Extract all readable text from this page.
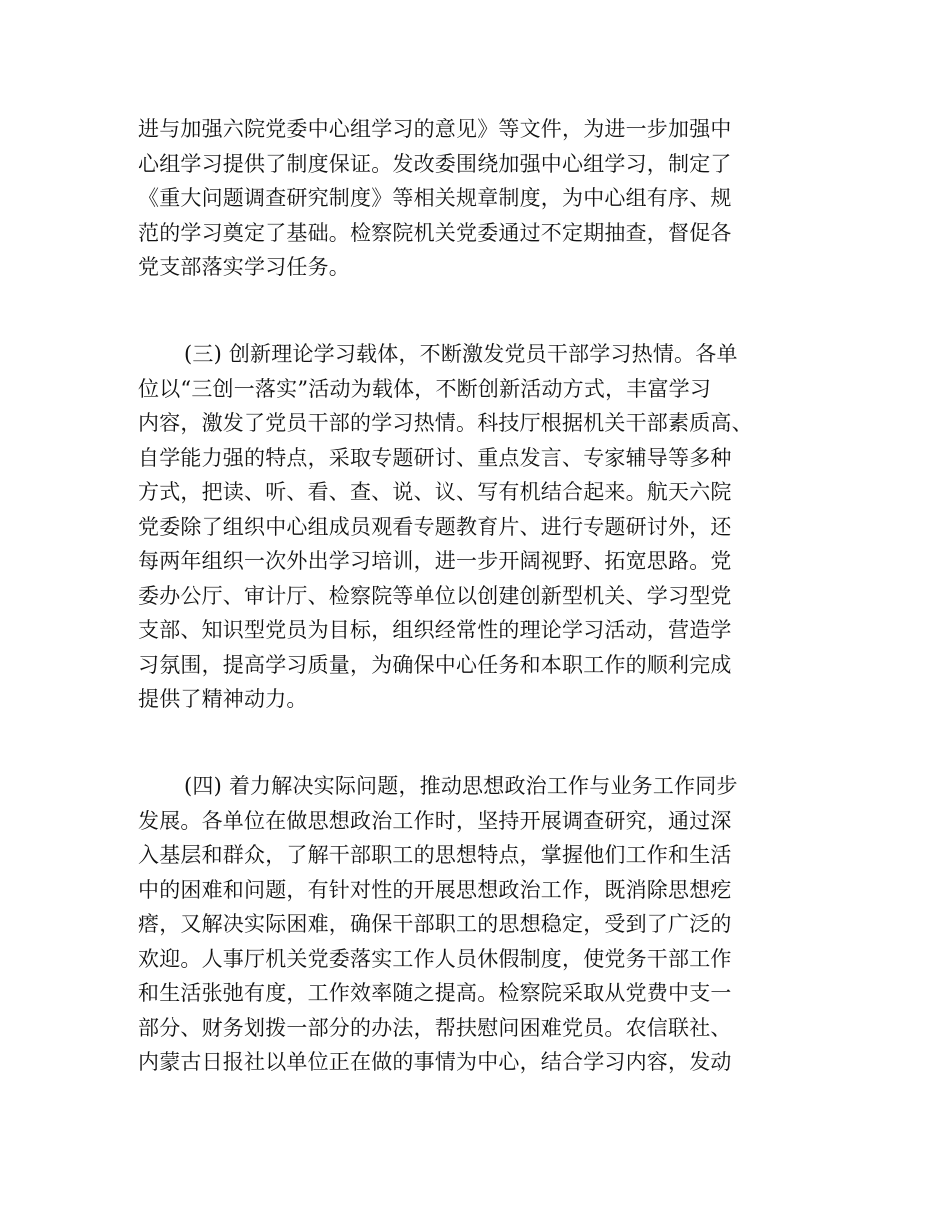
进与加强六院党委中心组学习的意见》等文件，为进一步加强中
心组学习提供了制度保证。发改委围绕加强中心组学习，制定了
《重大问题调查研究制度》等相关规章制度，为中心组有序、规
范的学习奠定了基础。检察院机关党委通过不定期抽查，督促各
党支部落实学习任务。
(三) 创新理论学习载体，不断激发党员干部学习热情。各单
位以“三创一落实”活动为载体，不断创新活动方式，丰富学习
内容，激发了党员干部的学习热情。科技厅根据机关干部素质高、
自学能力强的特点，采取专题研讨、重点发言、专家辅导等多种
方式，把读、听、看、查、说、议、写有机结合起来。航天六院
党委除了组织中心组成员观看专题教育片、进行专题研讨外，还
每两年组织一次外出学习培训，进一步开阔视野、拓宽思路。党
委办公厅、审计厅、检察院等单位以创建创新型机关、学习型党
支部、知识型党员为目标，组织经常性的理论学习活动，营造学
习氛围，提高学习质量，为确保中心任务和本职工作的顺利完成
提供了精神动力。
(四) 着力解决实际问题，推动思想政治工作与业务工作同步
发展。各单位在做思想政治工作时，坚持开展调查研究，通过深
入基层和群众，了解干部职工的思想特点，掌握他们工作和生活
中的困难和问题，有针对性的开展思想政治工作，既消除思想疙
瘩，又解决实际困难，确保干部职工的思想稳定，受到了广泛的
欢迎。人事厅机关党委落实工作人员休假制度，使党务干部工作
和生活张弛有度，工作效率随之提高。检察院采取从党费中支一
部分、财务划拨一部分的办法，帮扶慰问困难党员。农信联社、
内蒙古日报社以单位正在做的事情为中心，结合学习内容，发动
